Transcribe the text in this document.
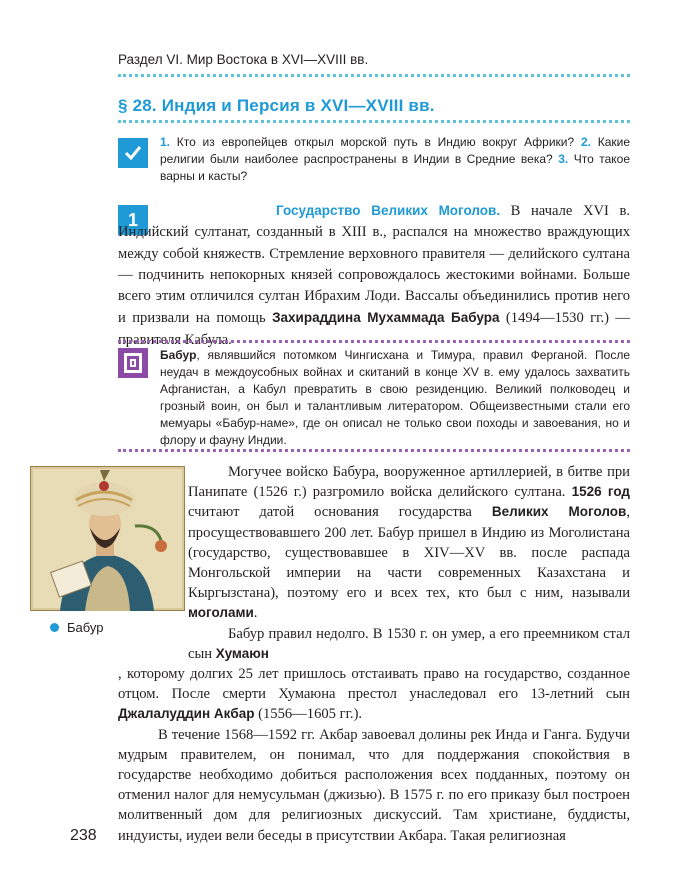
Раздел VI. Мир Востока в XVI—XVIII вв.
§ 28. Индия и Персия в XVI—XVIII вв.
1. Кто из европейцев открыл морской путь в Индию вокруг Африки? 2. Какие религии были наиболее распространены в Индии в Средние века? 3. Что такое варны и касты?
1	Государство Великих Моголов. В начале XVI в. Индийский султанат, созданный в XIII в., распался на множество враждующих между собой княжеств. Стремление верховного правителя — делийского султана — подчинить непокорных князей сопровождалось жестокими войнами. Больше всего этим отличился султан Ибрахим Лоди. Вассалы объединились против него и призвали на помощь Захираддина Мухаммада Бабура (1494—1530 гг.) — правителя Кабула.

Бабур, являвшийся потомком Чингисхана и Тимура, правил Ферганой. После неудач в междоусобных войнах и скитаний в конце XV в. ему удалось захватить Афганистан, а Кабул превратить в свою резиденцию. Великий полководец и грозный воин, он был и талантливым литератором. Общеизвестными стали его мемуары «Бабур-наме», где он описал не только свои походы и завоевания, но и флору и фауну Индии.
Бабур

Могучее войско Бабура, вооруженное артиллерией, в битве при Панипате (1526 г.) разгромило войска делийского султана. 1526 год считают датой основания государства Великих Моголов, просуществовавшего 200 лет. Бабур пришел в Индию из Моголистана (государство, существовавшее в XIV—XV вв. после распада Монгольской империи на части современных Казахстана и Кыргызстана), поэтому его и всех тех, кто был с ним, называли моголами.

Бабур правил недолго. В 1530 г. он умер, а его преемником стал сын Хумаюн

, которому долгих 25 лет пришлось отстаивать право на государство, созданное отцом. После смерти Хумаюна престол унаследовал его 13-летний сын Джалалуддин Акбар (1556—1605 гг.).

В течение 1568—1592 гг. Акбар завоевал долины рек Инда и Ганга. Будучи мудрым правителем, он понимал, что для поддержания спокойствия в государстве необходимо добиться расположения всех подданных, поэтому он отменил налог для немусульман (джизью). В 1575 г. по его приказу был построен молитвенный дом для религиозных дискуссий. Там христиане, буддисты, индуисты, иудеи вели беседы в присутствии Акбара. Такая религиозная

238
